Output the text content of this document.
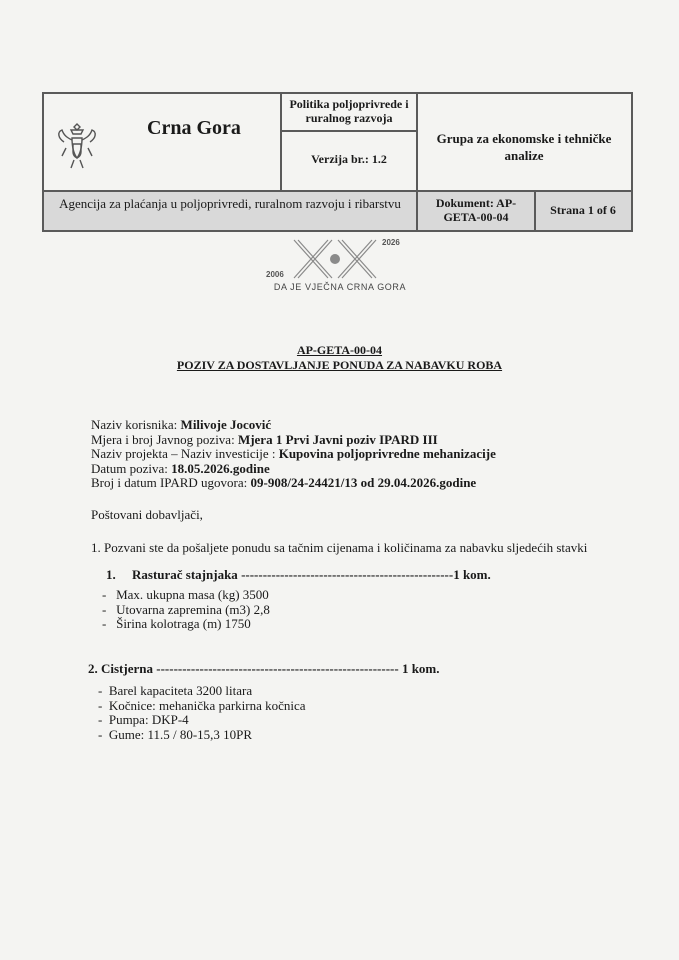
Crna Gora
Politika poljoprivrede i ruralnog razvoja
Verzija br.: 1.2
Grupa za ekonomske i tehničke analize
Agencija za plaćanja u poljoprivredi, ruralnom razvoju i ribarstvu	Dokument: AP-GETA-00-04	Strana 1 of 6
2026
2006
DA JE VJEČNA CRNA GORA
AP-GETA-00-04
POZIV ZA DOSTAVLJANJE PONUDA ZA NABAVKU ROBA
Naziv korisnika: Milivoje Jocović
Mjera i broj Javnog poziva: Mjera 1 Prvi Javni poziv IPARD III
Naziv projekta – Naziv investicije : Kupovina poljoprivredne mehanizacije
Datum poziva: 18.05.2026.godine
Broj i datum IPARD ugovora: 09-908/24-24421/13 od 29.04.2026.godine
Poštovani dobavljači,
1. Pozvani ste da pošaljete ponudu sa tačnim cijenama i količinama za nabavku sljedećih stavki
1. Rasturač stajnjaka -------------------------------------------------1 kom.
-   Max. ukupna masa (kg) 3500
-   Utovarna zapremina (m3) 2,8
-   Širina kolotraga (m) 1750
2. Cistjerna -------------------------------------------------------- 1 kom.
-  Barel kapaciteta 3200 litara
-  Kočnice: mehanička parkirna kočnica
-  Pumpa: DKP-4
-  Gume: 11.5 / 80-15,3 10PR
